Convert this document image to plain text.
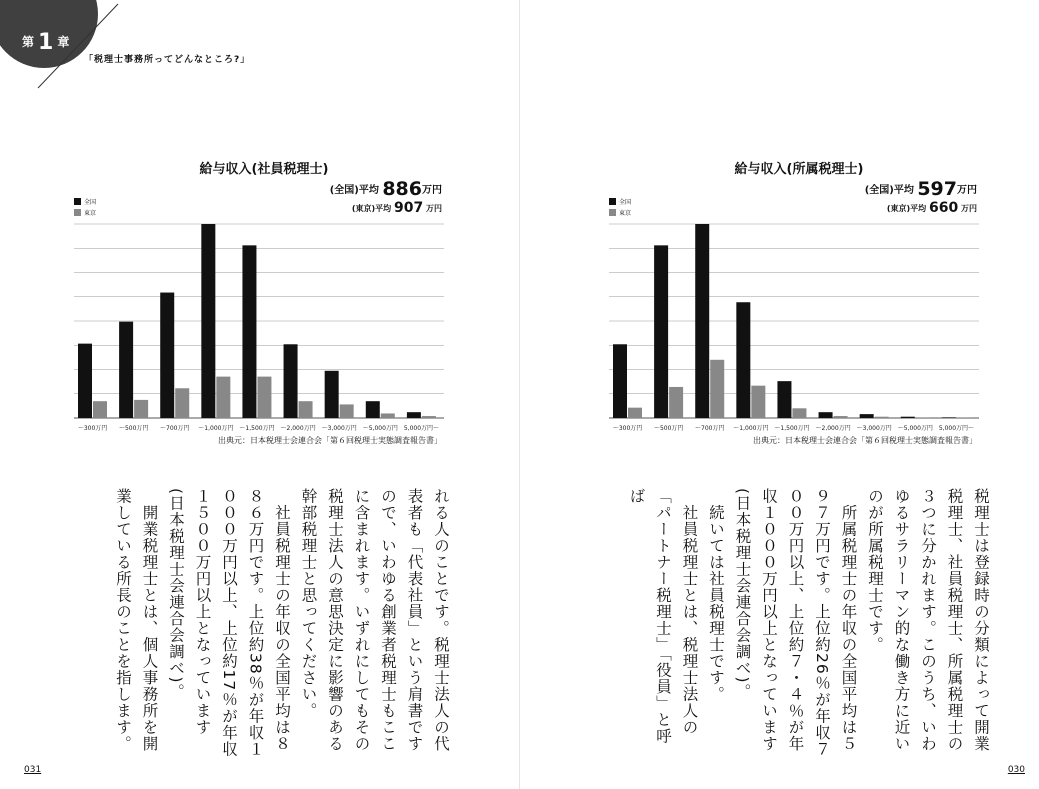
第 1 章
「税理士事務所ってどんなところ?」
給与収入(社員税理士)
(全国)平均 886万円
(東京)平均 907 万円
全国
東京
～300万円 ～500万円 ～700万円 ～1,000万円 ～1,500万円 ～2,000万円 ～3,000万円 ～5,000万円 5,000万円～
出典元：日本税理士会連合会「第６回税理士実態調査報告書」
れる人のことです。税理士法人の代表者も「代表社員」という肩書ですので、いわゆる創業者税理士もここに含まれます。いずれにしてもその税理士法人の意思決定に影響のある幹部税理士と思ってください。
　社員税理士の年収の全国平均は８８６万円です。上位約38％が年収１０００万円以上、上位約17％が年収１５００万円以上となっています(日本税理士会連合会調べ)。
　開業税理士とは、個人事務所を開業している所長のことを指します。
031
給与収入(所属税理士)
(全国)平均 597万円
(東京)平均 660 万円
全国
東京
～300万円 ～500万円 ～700万円 ～1,000万円 ～1,500万円 ～2,000万円 ～3,000万円 ～5,000万円 5,000万円～
出典元：日本税理士会連合会「第６回税理士実態調査報告書」
税理士は登録時の分類によって開業税理士、社員税理士、所属税理士の３つに分かれます。このうち、いわゆるサラリーマン的な働き方に近いのが所属税理士です。
　所属税理士の年収の全国平均は５９７万円です。上位約26％が年収７００万円以上、上位約７・４％が年収１０００万円以上となっています(日本税理士会連合会調べ)。
　続いては社員税理士です。
　社員税理士とは、税理士法人の「パートナー税理士」「役員」と呼ば
030
